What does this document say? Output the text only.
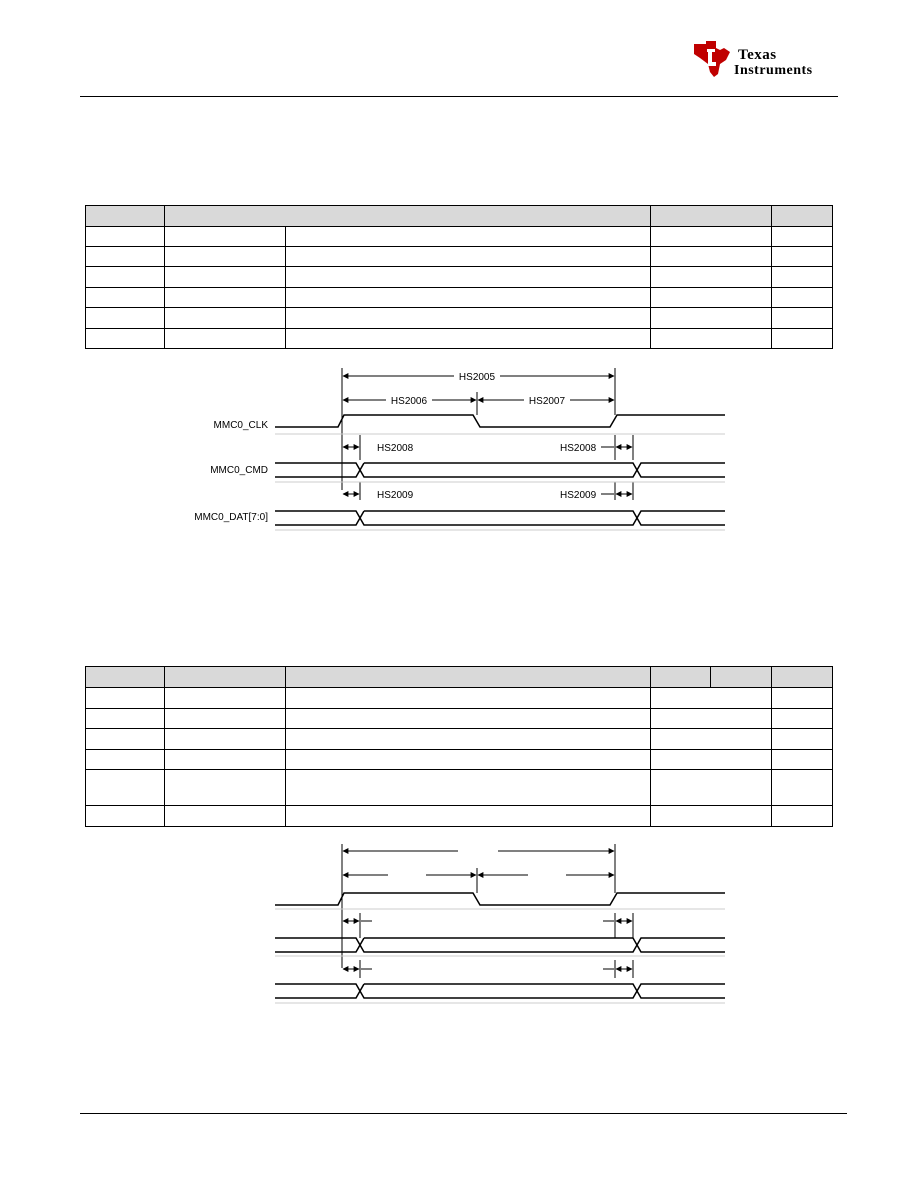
Texas
Instruments

MMC0_CLK
MMC0_CMD
MMC0_DAT[7:0]
HS2005
HS2006	HS2007
HS2008	HS2008
HS2009	HS2009
